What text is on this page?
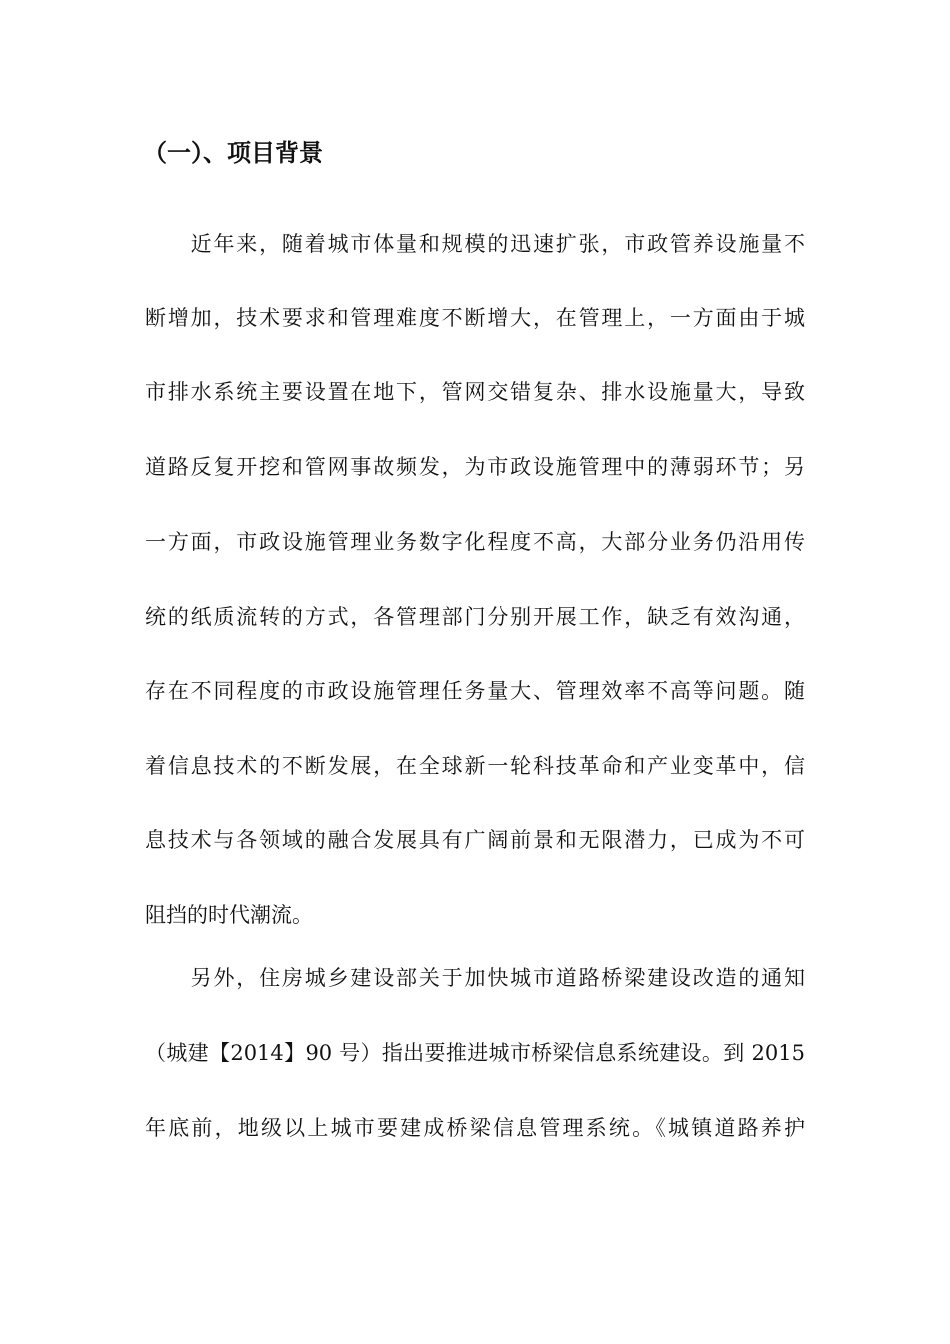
（一）、项目背景
　　近年来，随着城市体量和规模的迅速扩张，市政管养设施量不
断增加，技术要求和管理难度不断增大，在管理上，一方面由于城
市排水系统主要设置在地下，管网交错复杂、排水设施量大，导致
道路反复开挖和管网事故频发，为市政设施管理中的薄弱环节；另
一方面，市政设施管理业务数字化程度不高，大部分业务仍沿用传
统的纸质流转的方式，各管理部门分别开展工作，缺乏有效沟通，
存在不同程度的市政设施管理任务量大、管理效率不高等问题。随
着信息技术的不断发展，在全球新一轮科技革命和产业变革中，信
息技术与各领域的融合发展具有广阔前景和无限潜力，已成为不可
阻挡的时代潮流。
　　另外，住房城乡建设部关于加快城市道路桥梁建设改造的通知
（城建【2014】90 号）指出要推进城市桥梁信息系统建设。到 2015
年底前，地级以上城市要建成桥梁信息管理系统。《城镇道路养护
